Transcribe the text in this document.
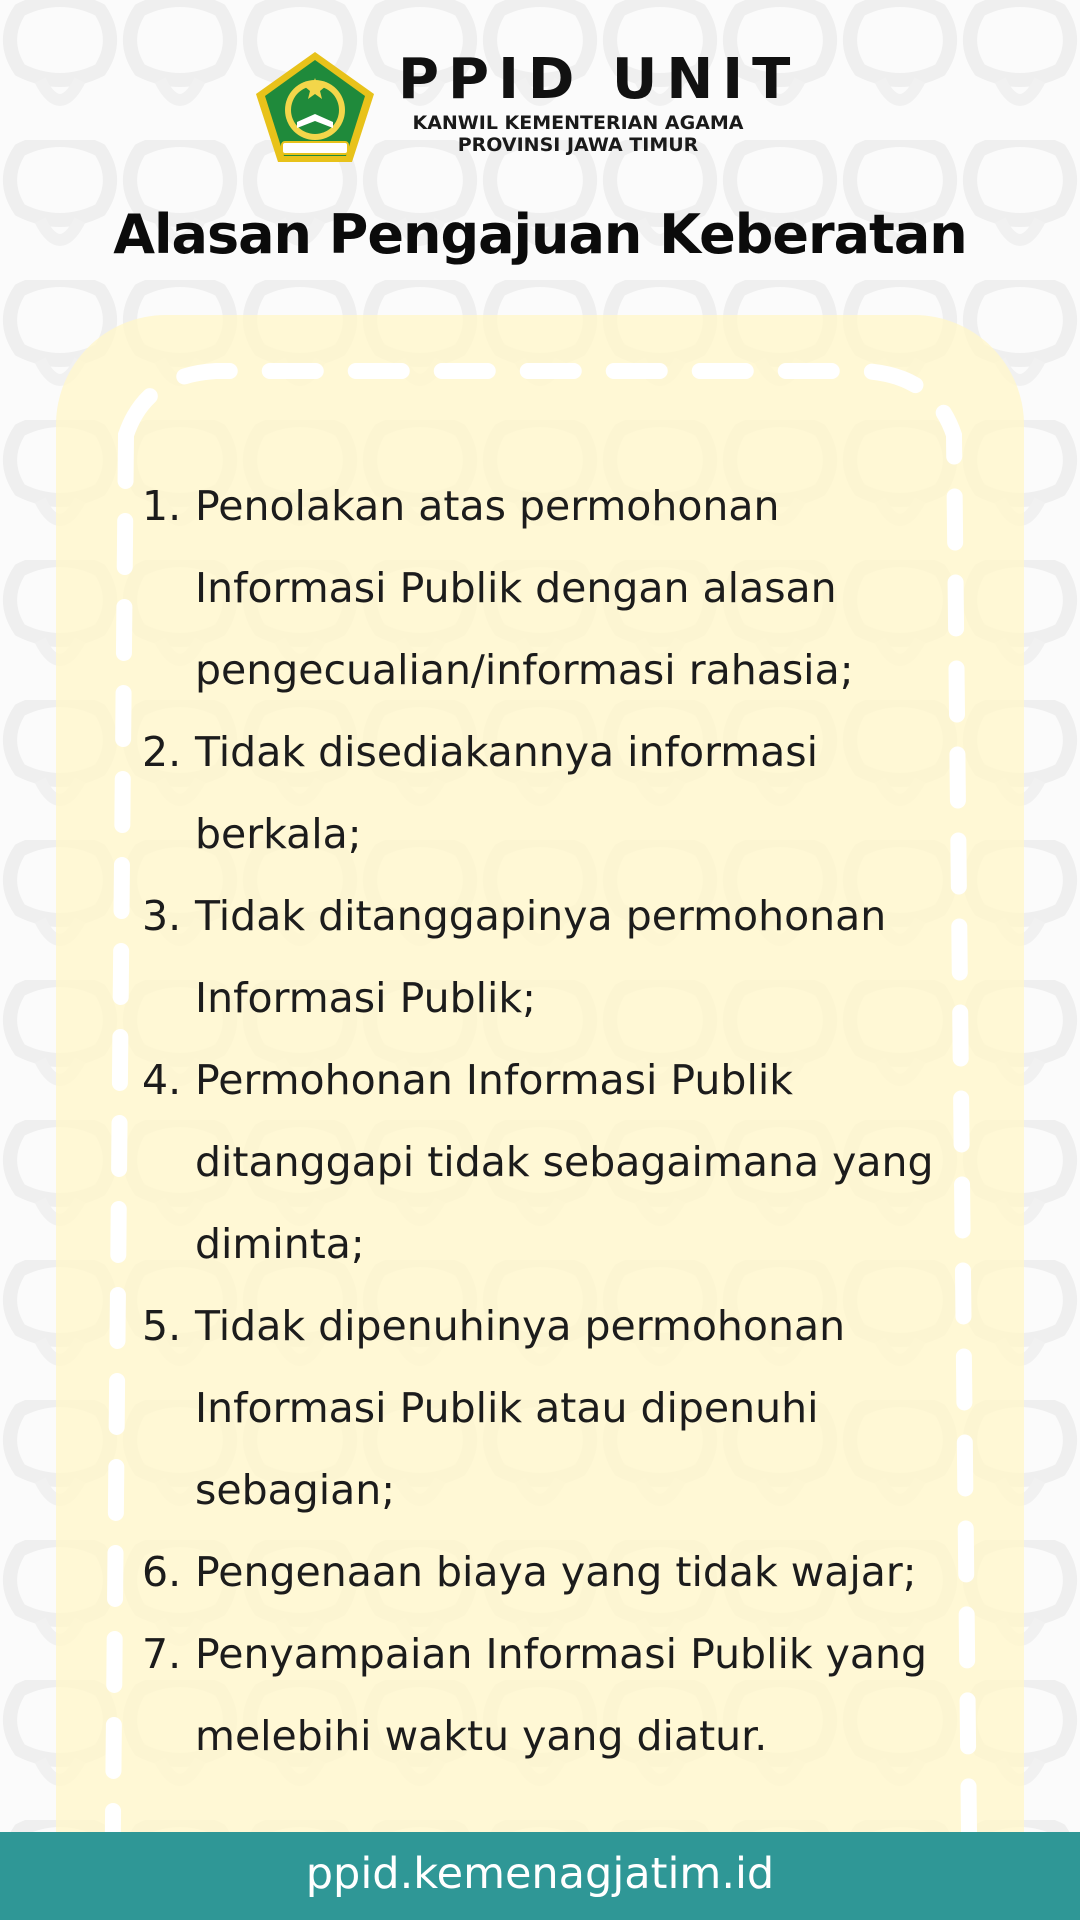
PPID UNIT
KANWIL KEMENTERIAN AGAMA
PROVINSI JAWA TIMUR
Alasan Pengajuan Keberatan
1. Penolakan atas permohonan Informasi Publik dengan alasan pengecualian/informasi rahasia;
2. Tidak disediakannya informasi berkala;
3. Tidak ditanggapinya permohonan Informasi Publik;
4. Permohonan Informasi Publik ditanggapi tidak sebagaimana yang diminta;
5. Tidak dipenuhinya permohonan Informasi Publik atau dipenuhi sebagian;
6. Pengenaan biaya yang tidak wajar;
7. Penyampaian Informasi Publik yang melebihi waktu yang diatur.
ppid.kemenagjatim.id
